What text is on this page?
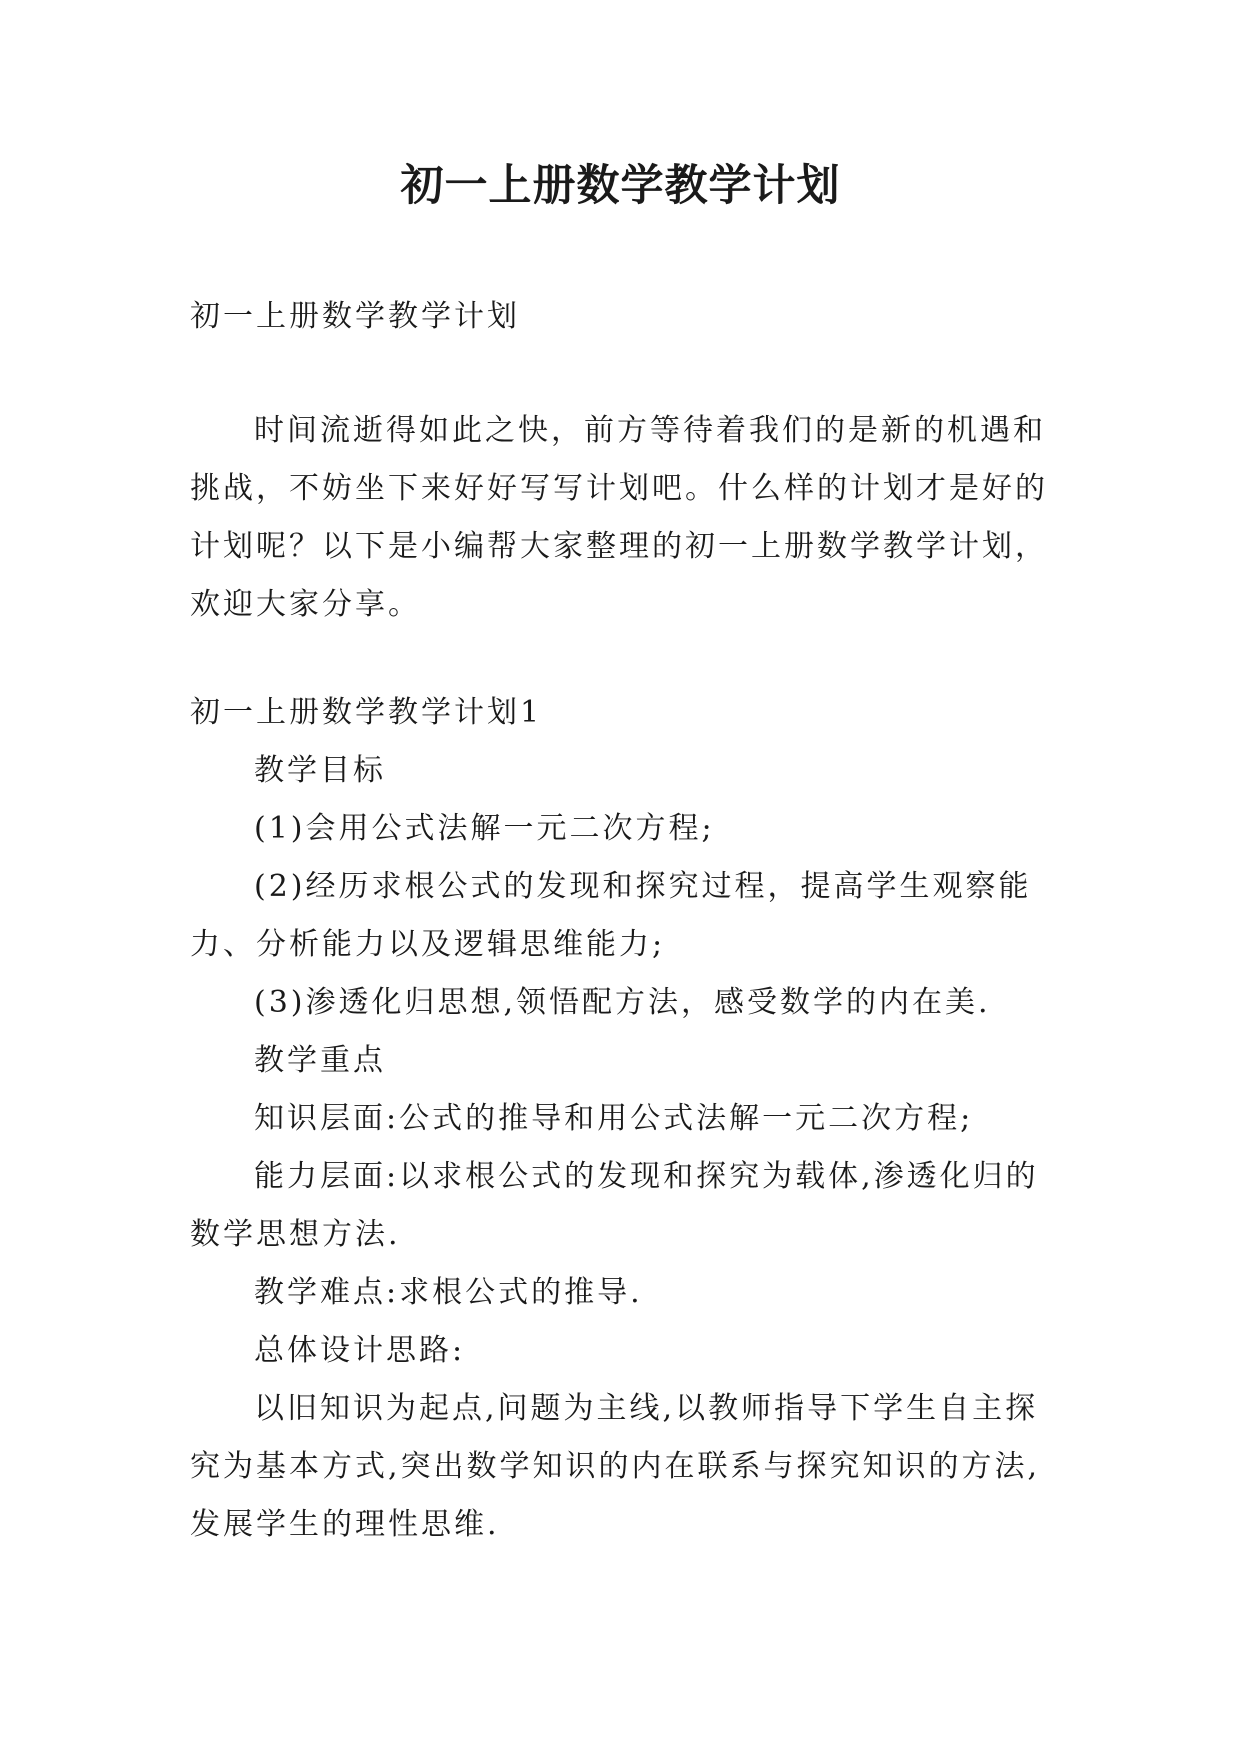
初一上册数学教学计划

初一上册数学教学计划

时间流逝得如此之快，前方等待着我们的是新的机遇和挑战，不妨坐下来好好写写计划吧。什么样的计划才是好的计划呢？以下是小编帮大家整理的初一上册数学教学计划，欢迎大家分享。

初一上册数学教学计划1

教学目标

(1)会用公式法解一元二次方程;

(2)经历求根公式的发现和探究过程，提高学生观察能力、分析能力以及逻辑思维能力;

(3)渗透化归思想,领悟配方法，感受数学的内在美.

教学重点

知识层面:公式的推导和用公式法解一元二次方程;

能力层面:以求根公式的发现和探究为载体,渗透化归的数学思想方法.

教学难点:求根公式的推导.

总体设计思路:

以旧知识为起点,问题为主线,以教师指导下学生自主探究为基本方式,突出数学知识的内在联系与探究知识的方法,发展学生的理性思维.
